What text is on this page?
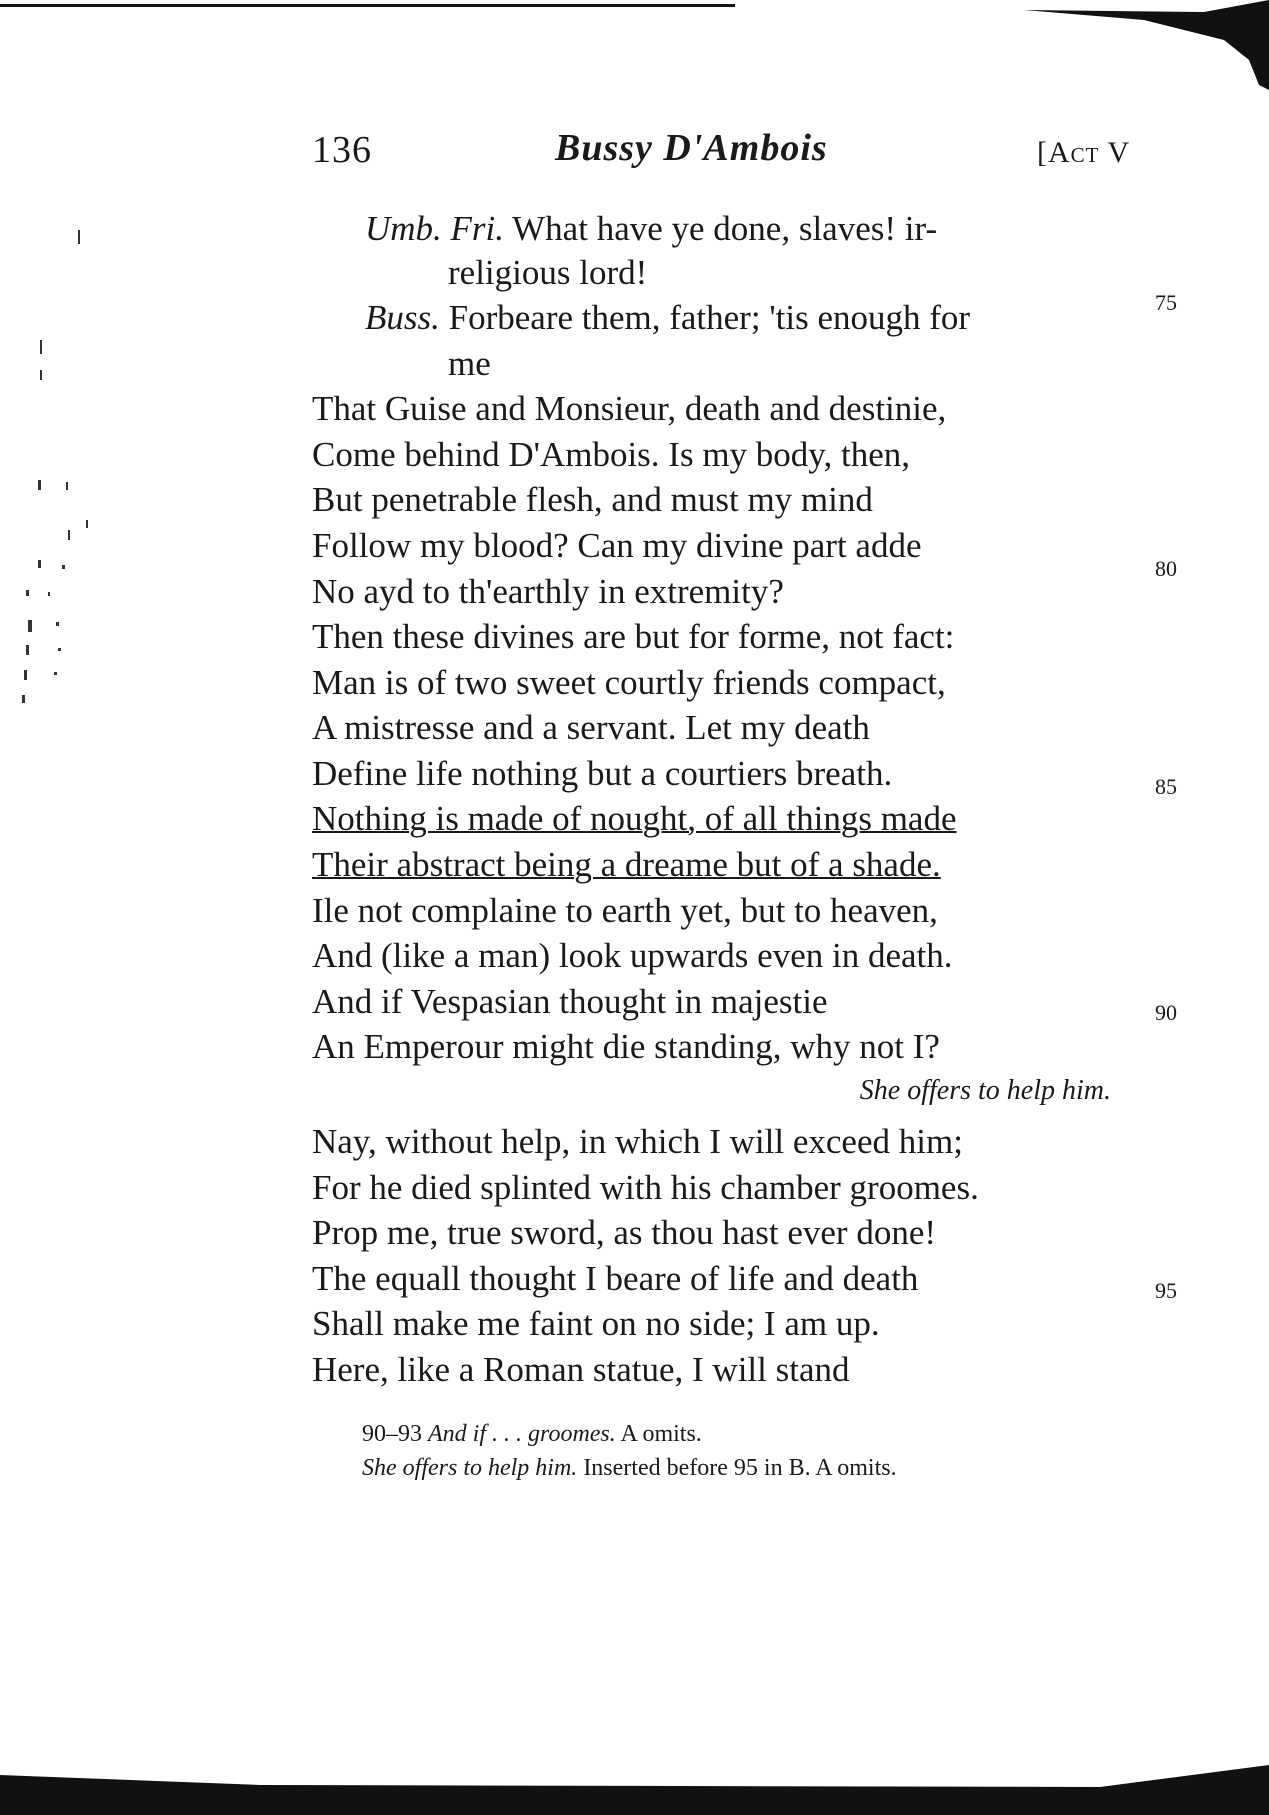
136	Bussy D'Ambois	[Act V
Umb. Fri. What have ye done, slaves! ir-
religious lord!
Buss. Forbeare them, father; 'tis enough for
me
That Guise and Monsieur, death and destinie,
Come behind D'Ambois. Is my body, then,
But penetrable flesh, and must my mind
Follow my blood? Can my divine part adde
No ayd to th'earthly in extremity?
Then these divines are but for forme, not fact:
Man is of two sweet courtly friends compact,
A mistresse and a servant. Let my death
Define life nothing but a courtiers breath.
Nothing is made of nought, of all things made
Their abstract being a dreame but of a shade.
Ile not complaine to earth yet, but to heaven,
And (like a man) look upwards even in death.
And if Vespasian thought in majestie
An Emperour might die standing, why not I?
She offers to help him.
Nay, without help, in which I will exceed him;
For he died splinted with his chamber groomes.
Prop me, true sword, as thou hast ever done!
The equall thought I beare of life and death
Shall make me faint on no side; I am up.
Here, like a Roman statue, I will stand
75
80
85
90
95
90–93 And if . . . groomes. A omits.
She offers to help him. Inserted before 95 in B. A omits.
